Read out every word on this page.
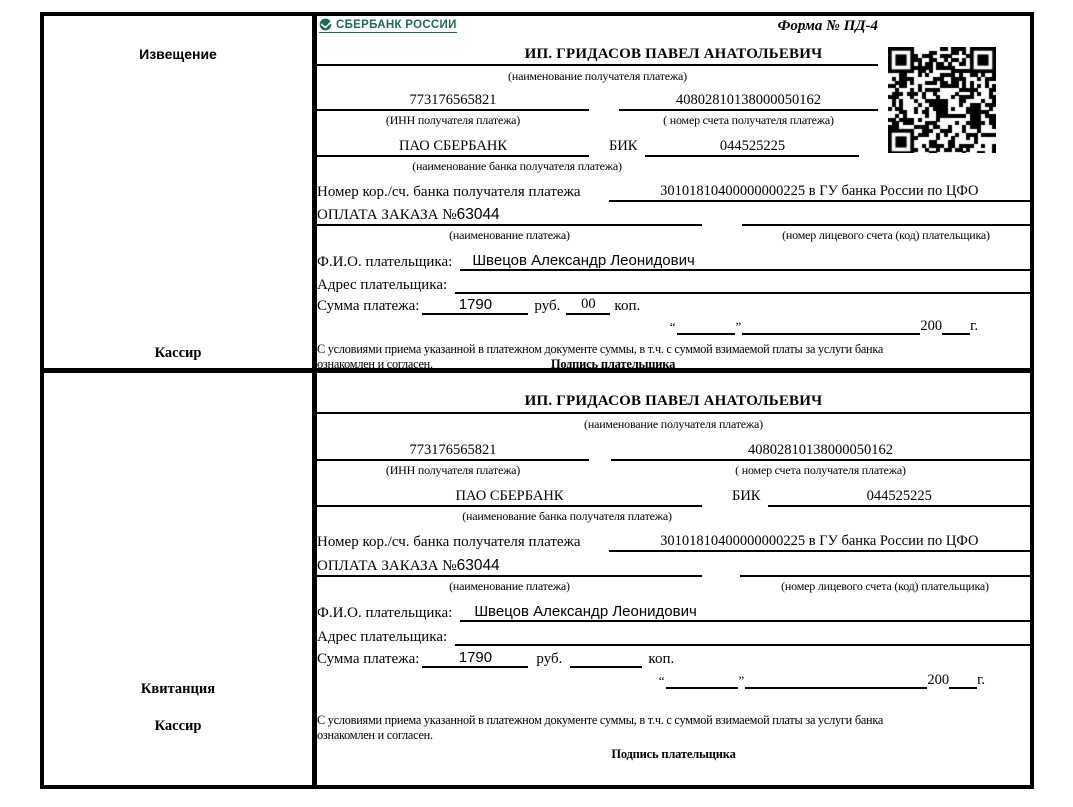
Извещение
Кассир
Квитанция
Кассир
СБЕРБАНК РОССИИ	Форма № ПД-4
ИП. ГРИДАСОВ ПАВЕЛ АНАТОЛЬЕВИЧ
(наименование получателя платежа)
773176565821	40802810138000050162
(ИНН получателя платежа)	( номер счета получателя платежа)
ПАО СБЕРБАНК	БИК	044525225
(наименование банка получателя платежа)
Номер кор./сч. банка получателя платежа	30101810400000000225 в ГУ банка России по ЦФО
ОПЛАТА ЗАКАЗА №63044
(наименование платежа)	(номер лицевого счета (код) плательщика)
Ф.И.О. плательщика:	Швецов Александр Леонидович
Адрес плательщика:
Сумма платежа:	1790	руб.	00	коп.
“	”	200 г.
С условиями приема указанной в платежном документе суммы, в т.ч. с суммой взимаемой платы за услуги банка
ознакомлен и согласен.	Подпись плательщика
ИП. ГРИДАСОВ ПАВЕЛ АНАТОЛЬЕВИЧ
(наименование получателя платежа)
773176565821	40802810138000050162
(ИНН получателя платежа)	( номер счета получателя платежа)
ПАО СБЕРБАНК	БИК	044525225
(наименование банка получателя платежа)
Номер кор./сч. банка получателя платежа	30101810400000000225 в ГУ банка России по ЦФО
ОПЛАТА ЗАКАЗА №63044
(наименование платежа)	(номер лицевого счета (код) плательщика)
Ф.И.О. плательщика:	Швецов Александр Леонидович
Адрес плательщика:
Сумма платежа:	1790	руб.	коп.
“	”	200 г.
С условиями приема указанной в платежном документе суммы, в т.ч. с суммой взимаемой платы за услуги банка
ознакомлен и согласен.
Подпись плательщика
